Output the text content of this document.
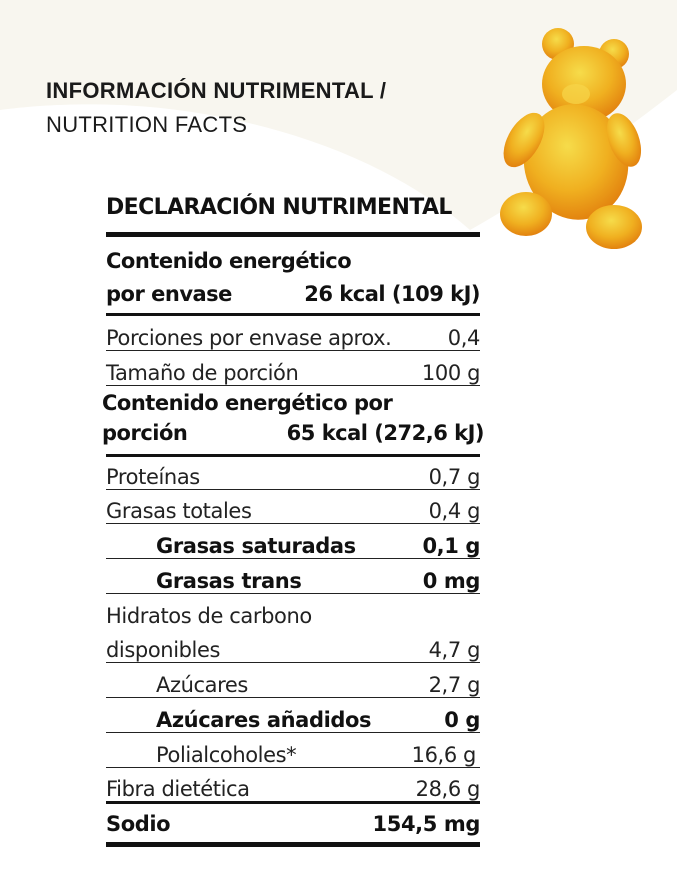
INFORMACIÓN NUTRIMENTAL /
NUTRITION FACTS
DECLARACIÓN NUTRIMENTAL
Contenido energético
por envase	26 kcal (109 kJ)
Porciones por envase aprox.	0,4
Tamaño de porción	100 g
Contenido energético por
porción	65 kcal (272,6 kJ)
Proteínas	0,7 g
Grasas totales	0,4 g
Grasas saturadas	0,1 g
Grasas trans	0 mg
Hidratos de carbono
disponibles	4,7 g
Azúcares	2,7 g
Azúcares añadidos	0 g
Polialcoholes*	16,6 g
Fibra dietética	28,6 g
Sodio	154,5 mg
